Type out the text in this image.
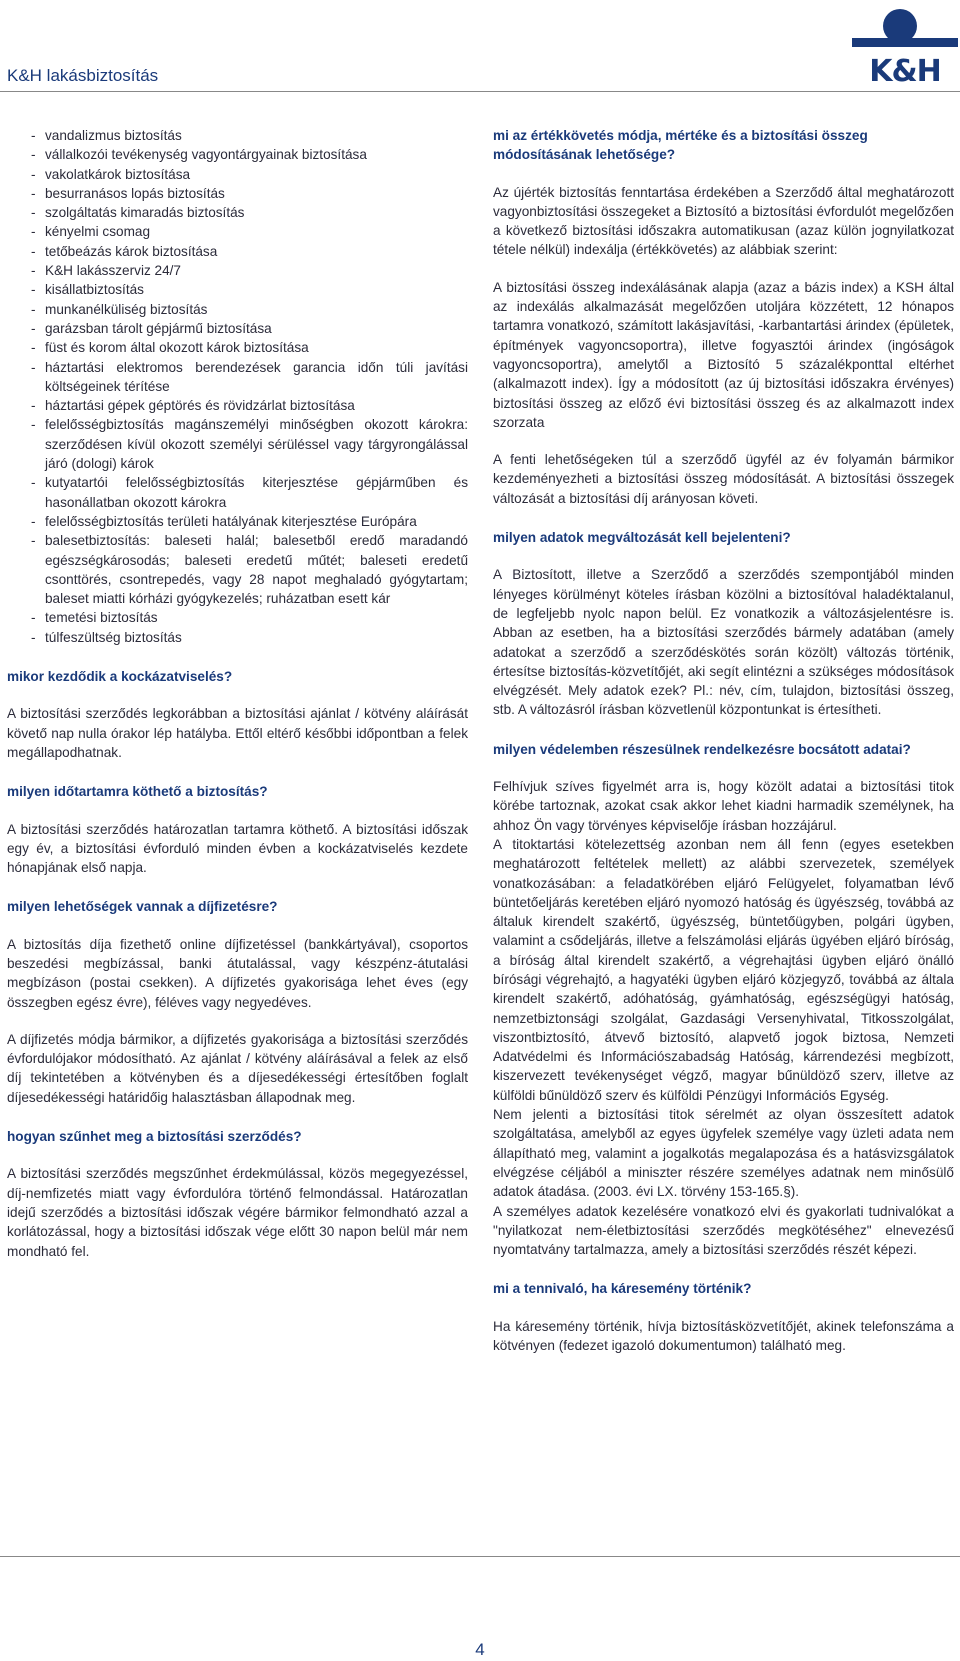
K&H lakásbiztosítás	K&H
- vandalizmus biztosítás
- vállalkozói tevékenység vagyontárgyainak biztosítása
- vakolatkárok biztosítása
- besurranásos lopás biztosítás
- szolgáltatás kimaradás biztosítás
- kényelmi csomag
- tetőbeázás károk biztosítása
- K&H lakásszerviz 24/7
- kisállatbiztosítás
- munkanélküliség biztosítás
- garázsban tárolt gépjármű biztosítása
- füst és korom által okozott károk biztosítása
- háztartási elektromos berendezések garancia időn túli javítási költségeinek térítése
- háztartási gépek géptörés és rövidzárlat biztosítása
- felelősségbiztosítás magánszemélyi minőségben okozott károkra: szerződésen kívül okozott személyi sérüléssel vagy tárgyrongálással járó (dologi) károk
- kutyatartói felelősségbiztosítás kiterjesztése gépjárműben és hasonállatban okozott károkra
- felelősségbiztosítás területi hatályának kiterjesztése Európára
- balesetbiztosítás: baleseti halál; balesetből eredő maradandó egészségkárosodás; baleseti eredetű műtét; baleseti eredetű csonttörés, csontrepedés, vagy 28 napot meghaladó gyógytartam; baleset miatti kórházi gyógykezelés; ruházatban esett kár
- temetési biztosítás
- túlfeszültség biztosítás

mikor kezdődik a kockázatviselés?

A biztosítási szerződés legkorábban a biztosítási ajánlat / kötvény aláírását követő nap nulla órakor lép hatályba. Ettől eltérő későbbi időpontban a felek megállapodhatnak.

milyen időtartamra köthető a biztosítás?

A biztosítási szerződés határozatlan tartamra köthető. A biztosítási időszak egy év, a biztosítási évforduló minden évben a kockázatviselés kezdete hónapjának első napja.

milyen lehetőségek vannak a díjfizetésre?

A biztosítás díja fizethető online díjfizetéssel (bankkártyával), csoportos beszedési megbízással, banki átutalással, vagy készpénz-átutalási megbízáson (postai csekken). A díjfizetés gyakorisága lehet éves (egy összegben egész évre), féléves vagy negyedéves.

A díjfizetés módja bármikor, a díjfizetés gyakorisága a biztosítási szerződés évfordulójakor módosítható. Az ajánlat / kötvény aláírásával a felek az első díj tekintetében a kötvényben és a díjesedékességi értesítőben foglalt díjesedékességi határidőig halasztásban állapodnak meg.

hogyan szűnhet meg a biztosítási szerződés?

A biztosítási szerződés megszűnhet érdekmúlással, közös megegyezéssel, díj-nemfizetés miatt vagy évfordulóra történő felmondással. Határozatlan idejű szerződés a biztosítási időszak végére bármikor felmondható azzal a korlátozással, hogy a biztosítási időszak vége előtt 30 napon belül már nem mondható fel.

mi az értékkövetés módja, mértéke és a biztosítási összeg módosításának lehetősége?

Az újérték biztosítás fenntartása érdekében a Szerződő által meghatározott vagyonbiztosítási összegeket a Biztosító a biztosítási évfordulót megelőzően a következő biztosítási időszakra automatikusan (azaz külön jognyilatkozat tétele nélkül) indexálja (értékkövetés) az alábbiak szerint:

A biztosítási összeg indexálásának alapja (azaz a bázis index) a KSH által az indexálás alkalmazását megelőzően utoljára közzétett, 12 hónapos tartamra vonatkozó, számított lakásjavítási, -karbantartási árindex (épületek, építmények vagyoncsoportra), illetve fogyasztói árindex (ingóságok vagyoncsoportra), amelytől a Biztosító 5 százalékponttal eltérhet (alkalmazott index). Így a módosított (az új biztosítási időszakra érvényes) biztosítási összeg az előző évi biztosítási összeg és az alkalmazott index szorzata

A fenti lehetőségeken túl a szerződő ügyfél az év folyamán bármikor kezdeményezheti a biztosítási összeg módosítását. A biztosítási összegek változását a biztosítási díj arányosan követi.

milyen adatok megváltozását kell bejelenteni?

A Biztosított, illetve a Szerződő a szerződés szempontjából minden lényeges körülményt köteles írásban közölni a biztosítóval haladéktalanul, de legfeljebb nyolc napon belül. Ez vonatkozik a változásjelentésre is. Abban az esetben, ha a biztosítási szerződés bármely adatában (amely adatokat a szerződő a szerződéskötés során közölt) változás történik, értesítse biztosítás-közvetítőjét, aki segít elintézni a szükséges módosítások elvégzését. Mely adatok ezek? Pl.: név, cím, tulajdon, biztosítási összeg, stb. A változásról írásban közvetlenül központunkat is értesítheti.

milyen védelemben részesülnek rendelkezésre bocsátott adatai?

Felhívjuk szíves figyelmét arra is, hogy közölt adatai a biztosítási titok körébe tartoznak, azokat csak akkor lehet kiadni harmadik személynek, ha ahhoz Ön vagy törvényes képviselője írásban hozzájárul.

A titoktartási kötelezettség azonban nem áll fenn (egyes esetekben meghatározott feltételek mellett) az alábbi szervezetek, személyek vonatkozásában: a feladatkörében eljáró Felügyelet, folyamatban lévő büntetőeljárás keretében eljáró nyomozó hatóság és ügyészség, továbbá az általuk kirendelt szakértő, ügyészség, büntetőügyben, polgári ügyben, valamint a csődeljárás, illetve a felszámolási eljárás ügyében eljáró bíróság, a bíróság által kirendelt szakértő, a végrehajtási ügyben eljáró önálló bírósági végrehajtó, a hagyatéki ügyben eljáró közjegyző, továbbá az általa kirendelt szakértő, adóhatóság, gyámhatóság, egészségügyi hatóság, nemzetbiztonsági szolgálat, Gazdasági Versenyhivatal, Titkosszolgálat, viszontbiztosító, átvevő biztosító, alapvető jogok biztosa, Nemzeti Adatvédelmi és Információszabadság Hatóság, kárrendezési megbízott, kiszervezett tevékenységet végző, magyar bűnüldöző szerv, illetve az külföldi bűnüldöző szerv és külföldi Pénzügyi Információs Egység.

Nem jelenti a biztosítási titok sérelmét az olyan összesített adatok szolgáltatása, amelyből az egyes ügyfelek személye vagy üzleti adata nem állapítható meg, valamint a jogalkotás megalapozása és a hatásvizsgálatok elvégzése céljából a miniszter részére személyes adatnak nem minősülő adatok átadása. (2003. évi LX. törvény 153-165.§).

A személyes adatok kezelésére vonatkozó elvi és gyakorlati tudnivalókat a "nyilatkozat nem-életbiztosítási szerződés megkötéséhez" elnevezésű nyomtatvány tartalmazza, amely a biztosítási szerződés részét képezi.

mi a tennivaló, ha káresemény történik?

Ha káresemény történik, hívja biztosításközvetítőjét, akinek telefonszáma a kötvényen (fedezet igazoló dokumentumon) található meg.

4
